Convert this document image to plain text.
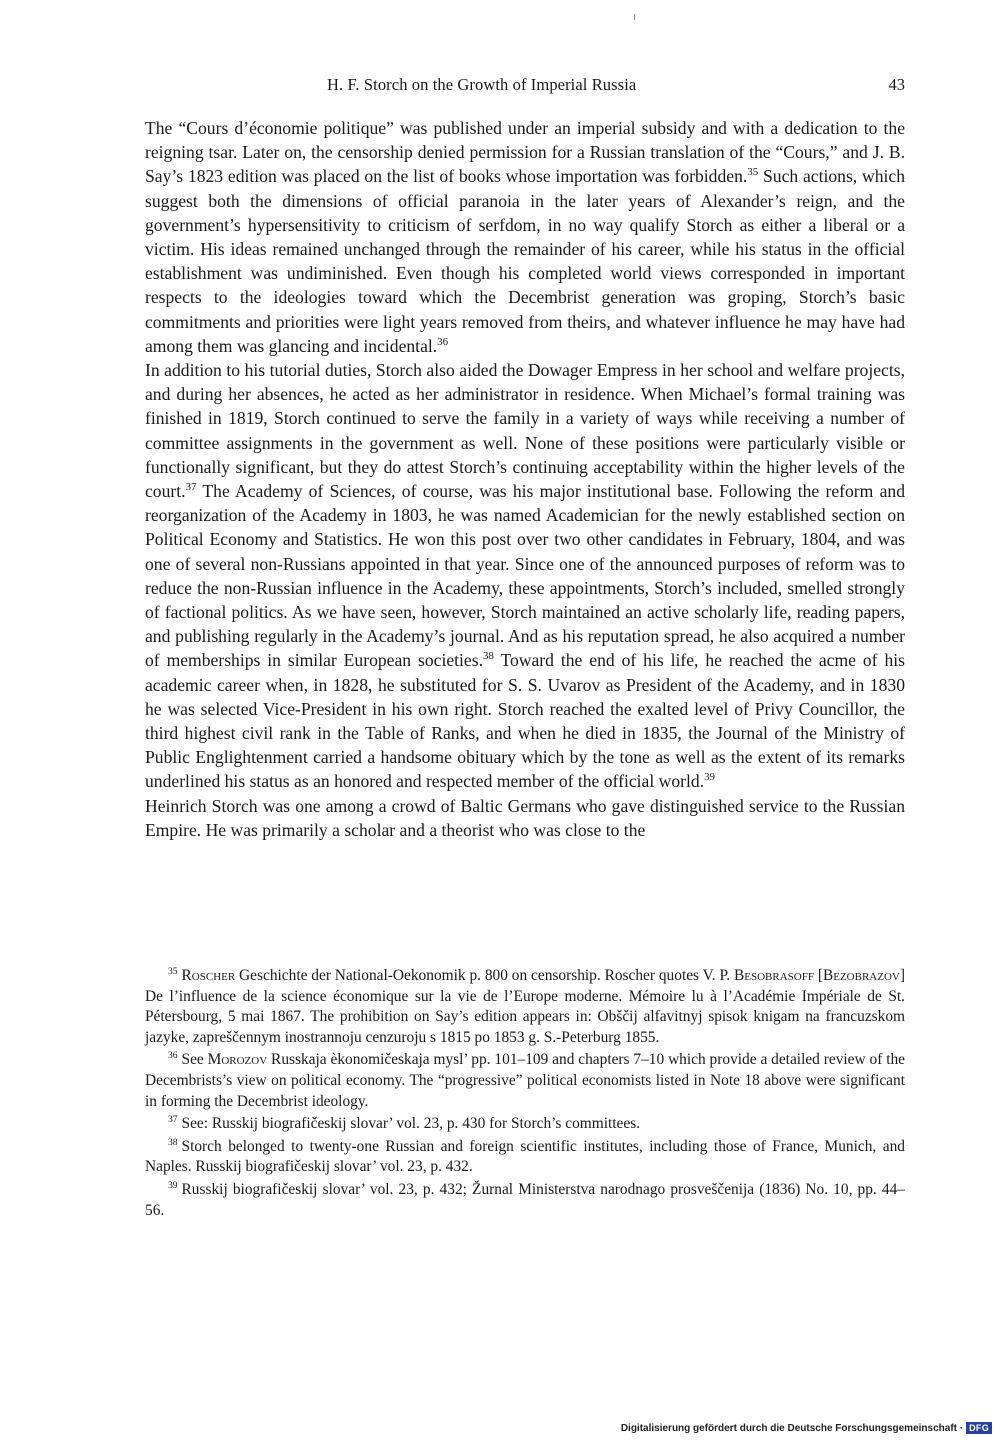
H. F. Storch on the Growth of Imperial Russia	43

The “Cours d’économie politique” was published under an imperial subsidy and with a dedication to the reigning tsar. Later on, the censorship denied permission for a Russian translation of the “Cours,” and J. B. Say’s 1823 edition was placed on the list of books whose importation was forbidden.$^{35}$ Such actions, which suggest both the dimensions of official paranoia in the later years of Alexander’s reign, and the government’s hypersensitivity to criticism of serfdom, in no way qualify Storch as either a liberal or a victim. His ideas remained unchanged through the remainder of his career, while his status in the official establishment was undiminished. Even though his completed world views corresponded in important respects to the ideologies toward which the Decembrist generation was groping, Storch’s basic commitments and priorities were light years removed from theirs, and whatever influence he may have had among them was glancing and incidental.$^{36}$

In addition to his tutorial duties, Storch also aided the Dowager Empress in her school and welfare projects, and during her absences, he acted as her administrator in residence. When Michael’s formal training was finished in 1819, Storch continued to serve the family in a variety of ways while receiving a number of committee assignments in the government as well. None of these positions were particularly visible or functionally significant, but they do attest Storch’s continuing acceptability within the higher levels of the court.$^{37}$ The Academy of Sciences, of course, was his major institutional base. Following the reform and reorganization of the Academy in 1803, he was named Academician for the newly established section on Political Economy and Statistics. He won this post over two other candidates in February, 1804, and was one of several non-Russians appointed in that year. Since one of the announced purposes of reform was to reduce the non-Russian influence in the Academy, these appointments, Storch’s included, smelled strongly of factional politics. As we have seen, however, Storch maintained an active scholarly life, reading papers, and publishing regularly in the Academy’s journal. And as his reputation spread, he also acquired a number of memberships in similar European societies.$^{38}$ Toward the end of his life, he reached the acme of his academic career when, in 1828, he substituted for S. S. Uvarov as President of the Academy, and in 1830 he was selected Vice-President in his own right. Storch reached the exalted level of Privy Councillor, the third highest civil rank in the Table of Ranks, and when he died in 1835, the Journal of the Ministry of Public Englightenment carried a handsome obituary which by the tone as well as the extent of its remarks underlined his status as an honored and respected member of the official world.$^{39}$

Heinrich Storch was one among a crowd of Baltic Germans who gave distinguished service to the Russian Empire. He was primarily a scholar and a theorist who was close to the

$^{35}$ Roscher Geschichte der National-Oekonomik p. 800 on censorship. Roscher quotes V. P. Besobrasoff [Bezobrazov] De l’influence de la science économique sur la vie de l’Europe moderne. Mémoire lu à l’Académie Impériale de St. Pétersbourg, 5 mai 1867. The prohibition on Say’s edition appears in: Obščij alfavitnyj spisok knigam na francuzskom jazyke, zapreščennym inostrannoju cenzuroju s 1815 po 1853 g. S.-Peterburg 1855.

$^{36}$ See Morozov Russkaja èkonomičeskaja mysl’ pp. 101–109 and chapters 7–10 which provide a detailed review of the Decembrists’s view on political economy. The “progressive” political economists listed in Note 18 above were significant in forming the Decembrist ideology.

$^{37}$ See: Russkij biografičeskij slovar’ vol. 23, p. 430 for Storch’s committees.

$^{38}$ Storch belonged to twenty-one Russian and foreign scientific institutes, including those of France, Munich, and Naples. Russkij biografičeskij slovar’ vol. 23, p. 432.

$^{39}$ Russkij biografičeskij slovar’ vol. 23, p. 432; Žurnal Ministerstva narodnago prosveščenija (1836) No. 10, pp. 44–56.

Digitalisierung gefördert durch die Deutsche Forschungsgemeinschaft · DFG
